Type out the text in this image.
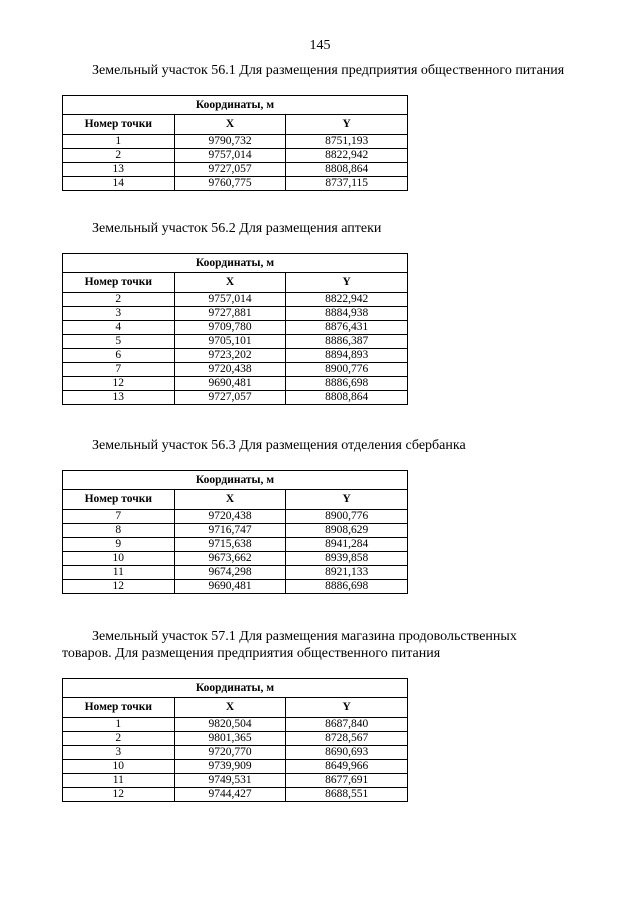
145
Земельный участок 56.1 Для размещения предприятия общественного питания
Координаты, м		
Номер точки	X	Y
1	9790,732	8751,193
2	9757,014	8822,942
13	9727,057	8808,864
14	9760,775	8737,115
Земельный участок 56.2 Для размещения аптеки
Координаты, м		
Номер точки	X	Y
2	9757,014	8822,942
3	9727,881	8884,938
4	9709,780	8876,431
5	9705,101	8886,387
6	9723,202	8894,893
7	9720,438	8900,776
12	9690,481	8886,698
13	9727,057	8808,864
Земельный участок 56.3 Для размещения отделения сбербанка
Координаты, м		
Номер точки	X	Y
7	9720,438	8900,776
8	9716,747	8908,629
9	9715,638	8941,284
10	9673,662	8939,858
11	9674,298	8921,133
12	9690,481	8886,698
Земельный участок 57.1 Для размещения магазина продовольственных товаров. Для размещения предприятия общественного питания
Координаты, м		
Номер точки	X	Y
1	9820,504	8687,840
2	9801,365	8728,567
3	9720,770	8690,693
10	9739,909	8649,966
11	9749,531	8677,691
12	9744,427	8688,551
